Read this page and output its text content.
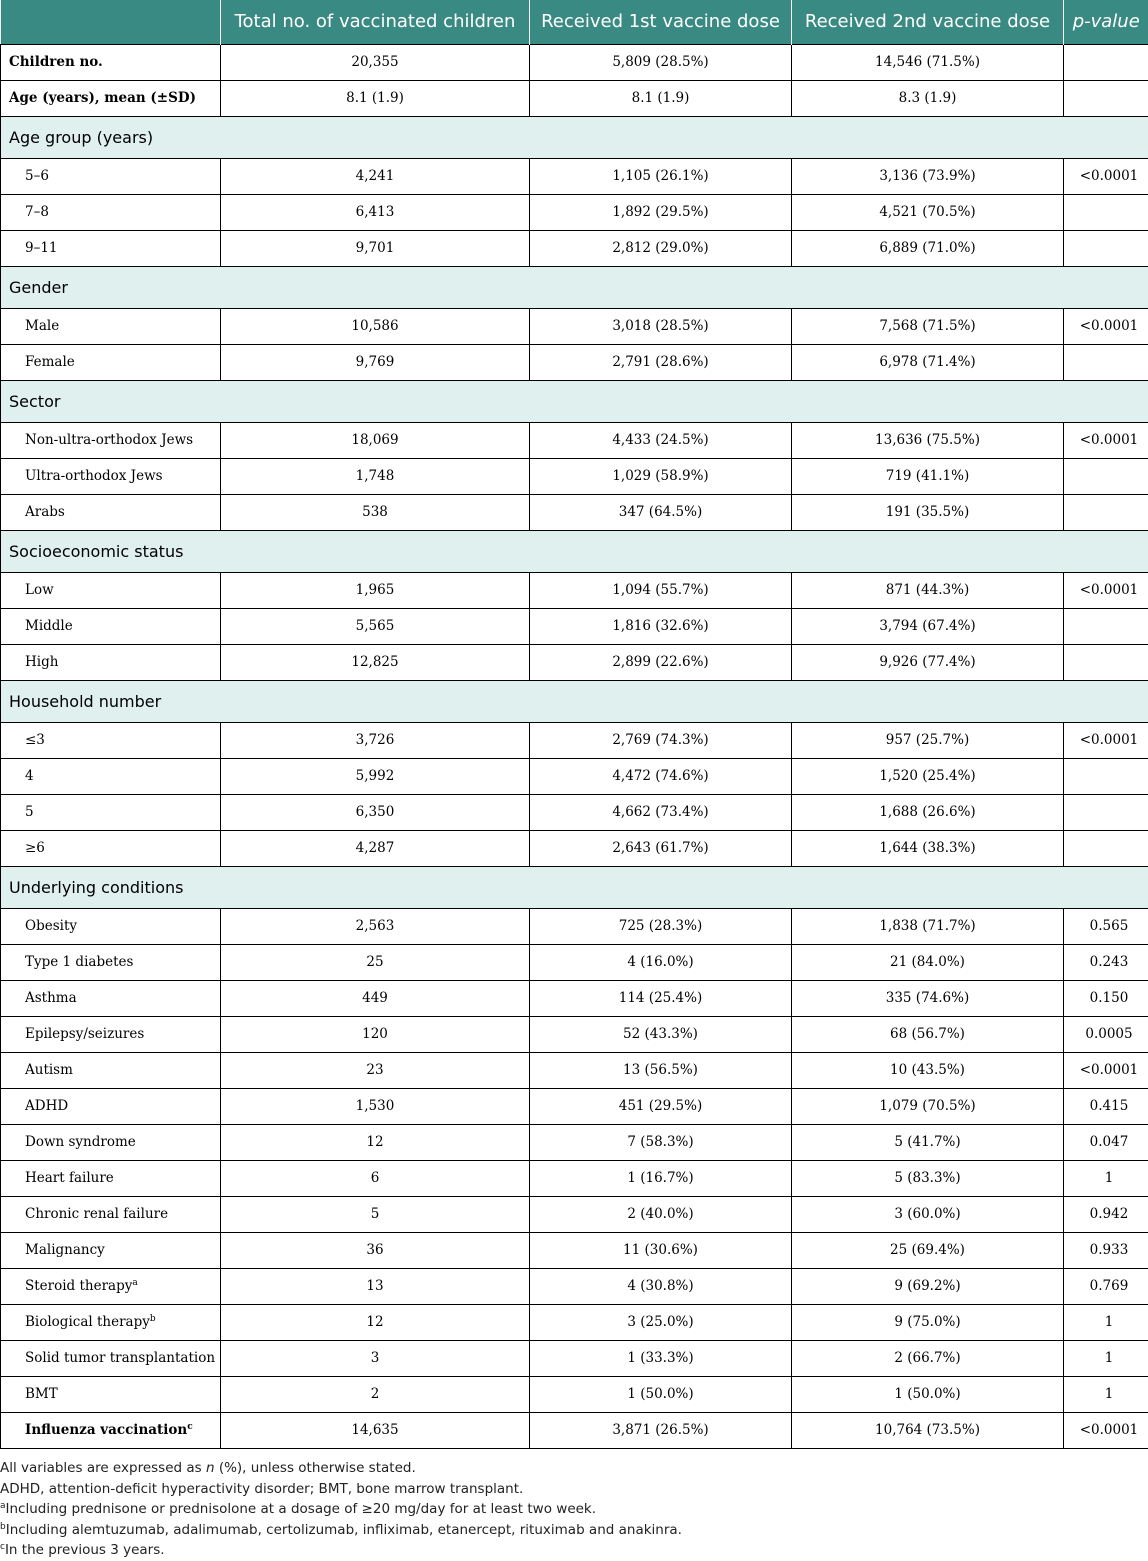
	Total no. of vaccinated children	Received 1st vaccine dose	Received 2nd vaccine dose	p-value
Children no.	20,355	5,809 (28.5%)	14,546 (71.5%)	
Age (years), mean (±SD)	8.1 (1.9)	8.1 (1.9)	8.3 (1.9)	
Age group (years)				
5–6	4,241	1,105 (26.1%)	3,136 (73.9%)	<0.0001
7–8	6,413	1,892 (29.5%)	4,521 (70.5%)	
9–11	9,701	2,812 (29.0%)	6,889 (71.0%)	
Gender				
Male	10,586	3,018 (28.5%)	7,568 (71.5%)	<0.0001
Female	9,769	2,791 (28.6%)	6,978 (71.4%)	
Sector				
Non-ultra-orthodox Jews	18,069	4,433 (24.5%)	13,636 (75.5%)	<0.0001
Ultra-orthodox Jews	1,748	1,029 (58.9%)	719 (41.1%)	
Arabs	538	347 (64.5%)	191 (35.5%)	
Socioeconomic status				
Low	1,965	1,094 (55.7%)	871 (44.3%)	<0.0001
Middle	5,565	1,816 (32.6%)	3,794 (67.4%)	
High	12,825	2,899 (22.6%)	9,926 (77.4%)	
Household number				
≤3	3,726	2,769 (74.3%)	957 (25.7%)	<0.0001
4	5,992	4,472 (74.6%)	1,520 (25.4%)	
5	6,350	4,662 (73.4%)	1,688 (26.6%)	
≥6	4,287	2,643 (61.7%)	1,644 (38.3%)	
Underlying conditions				
Obesity	2,563	725 (28.3%)	1,838 (71.7%)	0.565
Type 1 diabetes	25	4 (16.0%)	21 (84.0%)	0.243
Asthma	449	114 (25.4%)	335 (74.6%)	0.150
Epilepsy/seizures	120	52 (43.3%)	68 (56.7%)	0.0005
Autism	23	13 (56.5%)	10 (43.5%)	<0.0001
ADHD	1,530	451 (29.5%)	1,079 (70.5%)	0.415
Down syndrome	12	7 (58.3%)	5 (41.7%)	0.047
Heart failure	6	1 (16.7%)	5 (83.3%)	1
Chronic renal failure	5	2 (40.0%)	3 (60.0%)	0.942
Malignancy	36	11 (30.6%)	25 (69.4%)	0.933
Steroid therapy$^a$	13	4 (30.8%)	9 (69.2%)	0.769
Biological therapy$^b$	12	3 (25.0%)	9 (75.0%)	1
Solid tumor transplantation	3	1 (33.3%)	2 (66.7%)	1
BMT	2	1 (50.0%)	1 (50.0%)	1
Influenza vaccination$^c$	14,635	3,871 (26.5%)	10,764 (73.5%)	<0.0001
All variables are expressed as n (%), unless otherwise stated.
ADHD, attention-deficit hyperactivity disorder; BMT, bone marrow transplant.
$^a$Including prednisone or prednisolone at a dosage of ≥20 mg/day for at least two week.
$^b$Including alemtuzumab, adalimumab, certolizumab, infliximab, etanercept, rituximab and anakinra.
$^c$In the previous 3 years.
